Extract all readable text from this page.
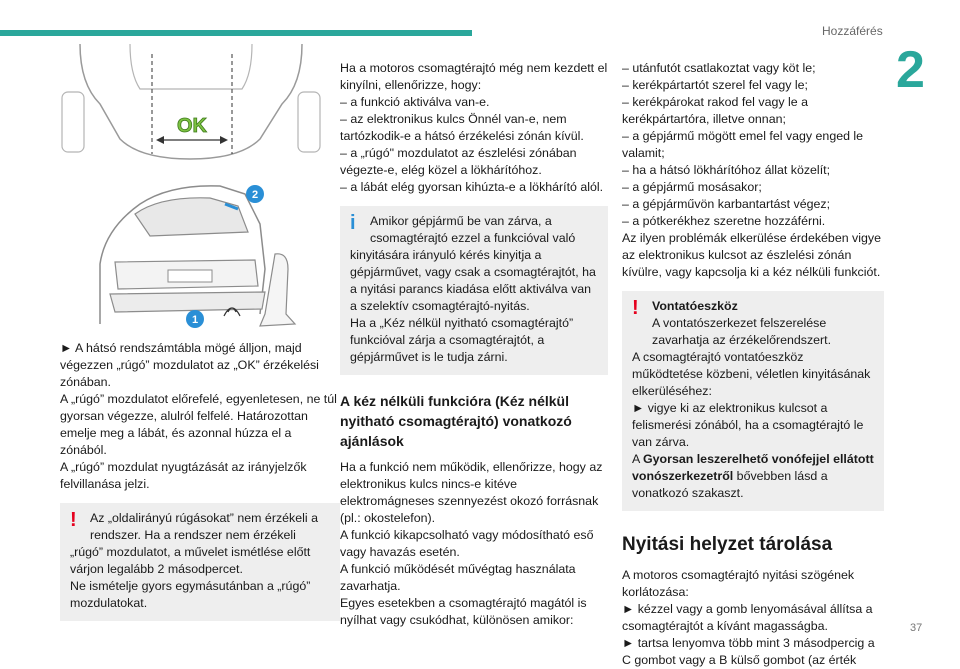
Hozzáférés
2
37
OK
2
1
► A hátsó rendszámtábla mögé álljon, majd végezzen „rúgó” mozdulatot az „OK” érzékelési zónában.
A „rúgó” mozdulatot előrefelé, egyenletesen, ne túl gyorsan végezze, alulról felfelé. Határozottan emelje meg a lábát, és azonnal húzza el a zónából.
A „rúgó” mozdulat nyugtázását az irányjelzők felvillanása jelzi.
!	Az „oldalirányú rúgásokat” nem érzékeli a rendszer. Ha a rendszer nem érzékeli
„rúgó” mozdulatot, a művelet ismétlése előtt várjon legalább 2 másodpercet.
Ne ismételje gyors egymásutánban a „rúgó” mozdulatokat.
Ha a motoros csomagtérajtó még nem kezdett el kinyílni, ellenőrizze, hogy:
– a funkció aktiválva van-e.
– az elektronikus kulcs Önnél van-e, nem tartózkodik-e a hátsó érzékelési zónán kívül.
– a „rúgó" mozdulatot az észlelési zónában végezte-e, elég közel a lökhárítóhoz.
– a lábát elég gyorsan kihúzta-e a lökhárító alól.
i	Amikor gépjármű be van zárva, a csomagtérajtó ezzel a funkcióval való
kinyitására irányuló kérés kinyitja a gépjárművet, vagy csak a csomagtérajtót, ha a nyitási parancs kiadása előtt aktiválva van a szelektív csomagtérajtó-nyitás.
Ha a „Kéz nélkül nyitható csomagtérajtó” funkcióval zárja a csomagtérajtót, a gépjárművet is le tudja zárni.
A kéz nélküli funkcióra (Kéz nélkül nyitható csomagtérajtó) vonatkozó ajánlások
Ha a funkció nem működik, ellenőrizze, hogy az elektronikus kulcs nincs-e kitéve elektromágneses szennyezést okozó forrásnak (pl.: okostelefon).
A funkció kikapcsolható vagy módosítható eső vagy havazás esetén.
A funkció működését művégtag használata zavarhatja.
Egyes esetekben a csomagtérajtó magától is nyílhat vagy csukódhat, különösen amikor:
– utánfutót csatlakoztat vagy köt le;
– kerékpártartót szerel fel vagy le;
– kerékpárokat rakod fel vagy le a kerékpártartóra, illetve onnan;
– a gépjármű mögött emel fel vagy enged le valamit;
– ha a hátsó lökhárítóhoz állat közelít;
– a gépjármű mosásakor;
– a gépjárművön karbantartást végez;
– a pótkerékhez szeretne hozzáférni.
Az ilyen problémák elkerülése érdekében vigye az elektronikus kulcsot az észlelési zónán kívülre, vagy kapcsolja ki a kéz nélküli funkciót.
!	Vontatóeszköz
A vontatószerkezet felszerelése zavarhatja az érzékelőrendszert.
A csomagtérajtó vontatóeszköz működtetése közbeni, véletlen kinyitásának elkerüléséhez:
► vigye ki az elektronikus kulcsot a felismerési zónából, ha a csomagtérajtó le van zárva.
A Gyorsan leszerelhető vonófejjel ellátott vonószerkezetről bővebben lásd a vonatkozó szakaszt.
Nyitási helyzet tárolása
A motoros csomagtérajtó nyitási szögének korlátozása:
► kézzel vagy a gomb lenyomásával állítsa a csomagtérajtót a kívánt magasságba.
► tartsa lenyomva több mint 3 másodpercig a C gombot vagy a B külső gombot (az érték
